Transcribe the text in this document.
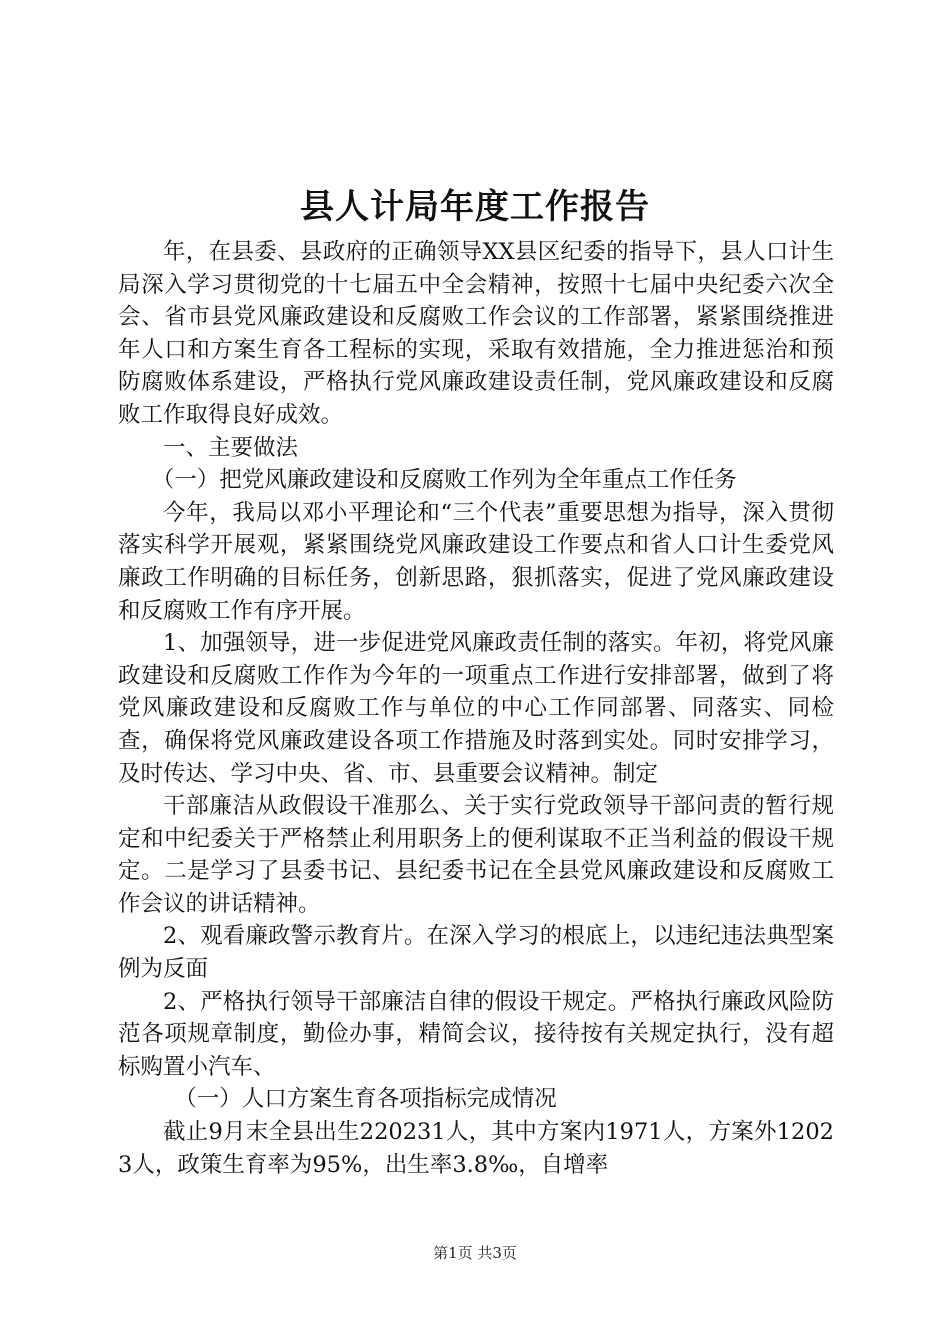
县人计局年度工作报告

年，在县委、县政府的正确领导XX县区纪委的指导下，县人口计生局深入学习贯彻党的十七届五中全会精神，按照十七届中央纪委六次全会、省市县党风廉政建设和反腐败工作会议的工作部署，紧紧围绕推进年人口和方案生育各工程标的实现，采取有效措施，全力推进惩治和预防腐败体系建设，严格执行党风廉政建设责任制，党风廉政建设和反腐败工作取得良好成效。

一、主要做法

（一）把党风廉政建设和反腐败工作列为全年重点工作任务

今年，我局以邓小平理论和“三个代表”重要思想为指导，深入贯彻落实科学开展观，紧紧围绕党风廉政建设工作要点和省人口计生委党风廉政工作明确的目标任务，创新思路，狠抓落实，促进了党风廉政建设和反腐败工作有序开展。

1、加强领导，进一步促进党风廉政责任制的落实。年初，将党风廉政建设和反腐败工作作为今年的一项重点工作进行安排部署，做到了将党风廉政建设和反腐败工作与单位的中心工作同部署、同落实、同检查，确保将党风廉政建设各项工作措施及时落到实处。同时安排学习，及时传达、学习中央、省、市、县重要会议精神。制定

干部廉洁从政假设干准那么、关于实行党政领导干部问责的暂行规定和中纪委关于严格禁止利用职务上的便利谋取不正当利益的假设干规定。二是学习了县委书记、县纪委书记在全县党风廉政建设和反腐败工作会议的讲话精神。

2、观看廉政警示教育片。在深入学习的根底上，以违纪违法典型案例为反面

2、严格执行领导干部廉洁自律的假设干规定。严格执行廉政风险防范各项规章制度，勤俭办事，精简会议，接待按有关规定执行，没有超标购置小汽车、

（一）人口方案生育各项指标完成情况

截止9月末全县出生220231人，其中方案内1971人，方案外12023人，政策生育率为95%，出生率3.8‰，自增率

第1页 共3页
